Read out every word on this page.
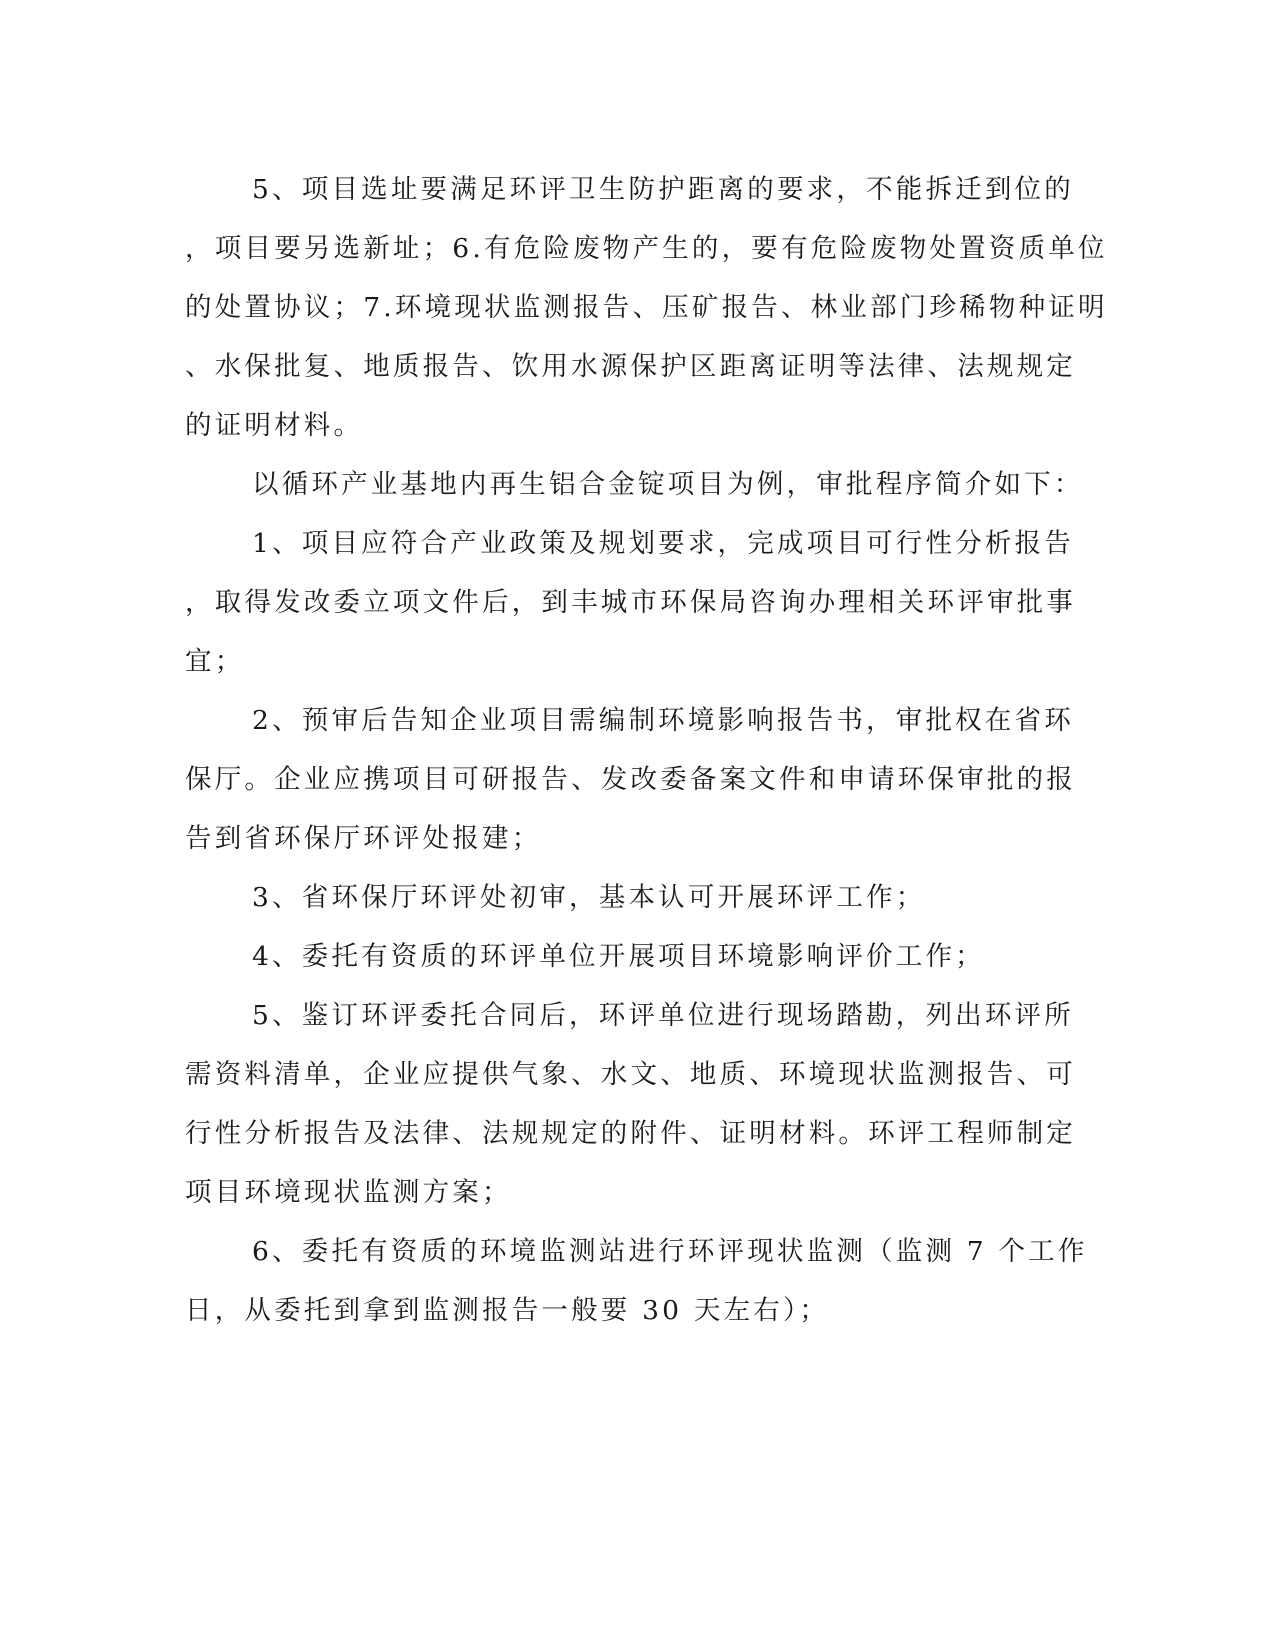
5、项目选址要满足环评卫生防护距离的要求，不能拆迁到位的
，项目要另选新址；6.有危险废物产生的，要有危险废物处置资质单位
的处置协议；7.环境现状监测报告、压矿报告、林业部门珍稀物种证明
、水保批复、地质报告、饮用水源保护区距离证明等法律、法规规定
的证明材料。
以循环产业基地内再生铝合金锭项目为例，审批程序简介如下：
1、项目应符合产业政策及规划要求，完成项目可行性分析报告
，取得发改委立项文件后，到丰城市环保局咨询办理相关环评审批事
宜；
2、预审后告知企业项目需编制环境影响报告书，审批权在省环
保厅。企业应携项目可研报告、发改委备案文件和申请环保审批的报
告到省环保厅环评处报建；
3、省环保厅环评处初审，基本认可开展环评工作；
4、委托有资质的环评单位开展项目环境影响评价工作；
5、鉴订环评委托合同后，环评单位进行现场踏勘，列出环评所
需资料清单，企业应提供气象、水文、地质、环境现状监测报告、可
行性分析报告及法律、法规规定的附件、证明材料。环评工程师制定
项目环境现状监测方案；
6、委托有资质的环境监测站进行环评现状监测（监测 7 个工作
日，从委托到拿到监测报告一般要 30 天左右）；
